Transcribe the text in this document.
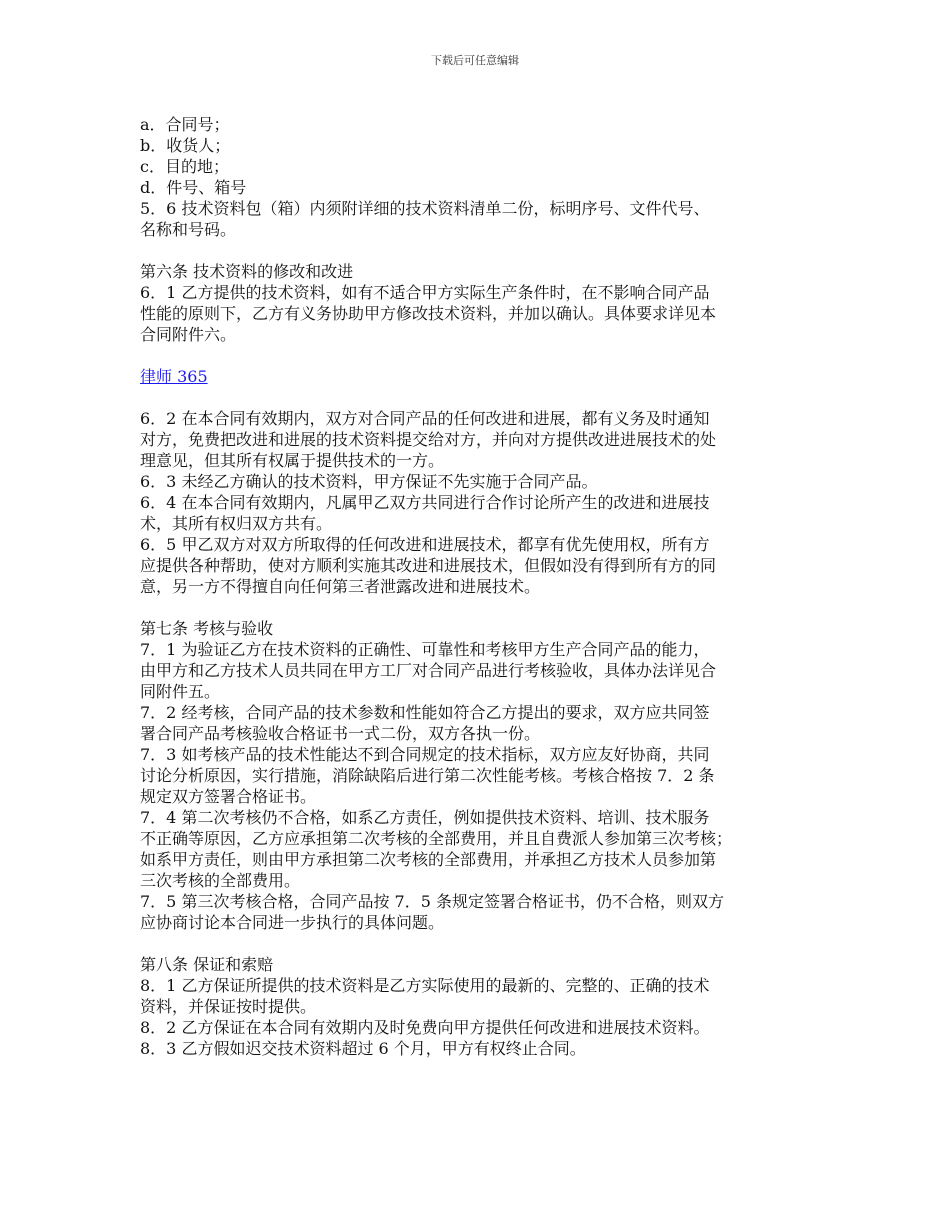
下载后可任意编辑
a．合同号；
b．收货人；
c．目的地；
d．件号、箱号
5．6 技术资料包（箱）内须附详细的技术资料清单二份，标明序号、文件代号、
名称和号码。
第六条 技术资料的修改和改进
6．1 乙方提供的技术资料，如有不适合甲方实际生产条件时，在不影响合同产品
性能的原则下，乙方有义务协助甲方修改技术资料，并加以确认。具体要求详见本
合同附件六。
律师 365
6．2 在本合同有效期内，双方对合同产品的任何改进和进展，都有义务及时通知
对方，免费把改进和进展的技术资料提交给对方，并向对方提供改进进展技术的处
理意见，但其所有权属于提供技术的一方。
6．3 未经乙方确认的技术资料，甲方保证不先实施于合同产品。
6．4 在本合同有效期内，凡属甲乙双方共同进行合作讨论所产生的改进和进展技
术，其所有权归双方共有。
6．5 甲乙双方对双方所取得的任何改进和进展技术，都享有优先使用权，所有方
应提供各种帮助，使对方顺利实施其改进和进展技术，但假如没有得到所有方的同
意，另一方不得擅自向任何第三者泄露改进和进展技术。
第七条 考核与验收
7．1 为验证乙方在技术资料的正确性、可靠性和考核甲方生产合同产品的能力，
由甲方和乙方技术人员共同在甲方工厂对合同产品进行考核验收，具体办法详见合
同附件五。
7．2 经考核，合同产品的技术参数和性能如符合乙方提出的要求，双方应共同签
署合同产品考核验收合格证书一式二份，双方各执一份。
7．3 如考核产品的技术性能达不到合同规定的技术指标，双方应友好协商，共同
讨论分析原因，实行措施，消除缺陷后进行第二次性能考核。考核合格按 7．2 条
规定双方签署合格证书。
7．4 第二次考核仍不合格，如系乙方责任，例如提供技术资料、培训、技术服务
不正确等原因，乙方应承担第二次考核的全部费用，并且自费派人参加第三次考核；
如系甲方责任，则由甲方承担第二次考核的全部费用，并承担乙方技术人员参加第
三次考核的全部费用。
7．5 第三次考核合格，合同产品按 7．5 条规定签署合格证书，仍不合格，则双方
应协商讨论本合同进一步执行的具体问题。
第八条 保证和索赔
8．1 乙方保证所提供的技术资料是乙方实际使用的最新的、完整的、正确的技术
资料，并保证按时提供。
8．2 乙方保证在本合同有效期内及时免费向甲方提供任何改进和进展技术资料。
8．3 乙方假如迟交技术资料超过 6 个月，甲方有权终止合同。
